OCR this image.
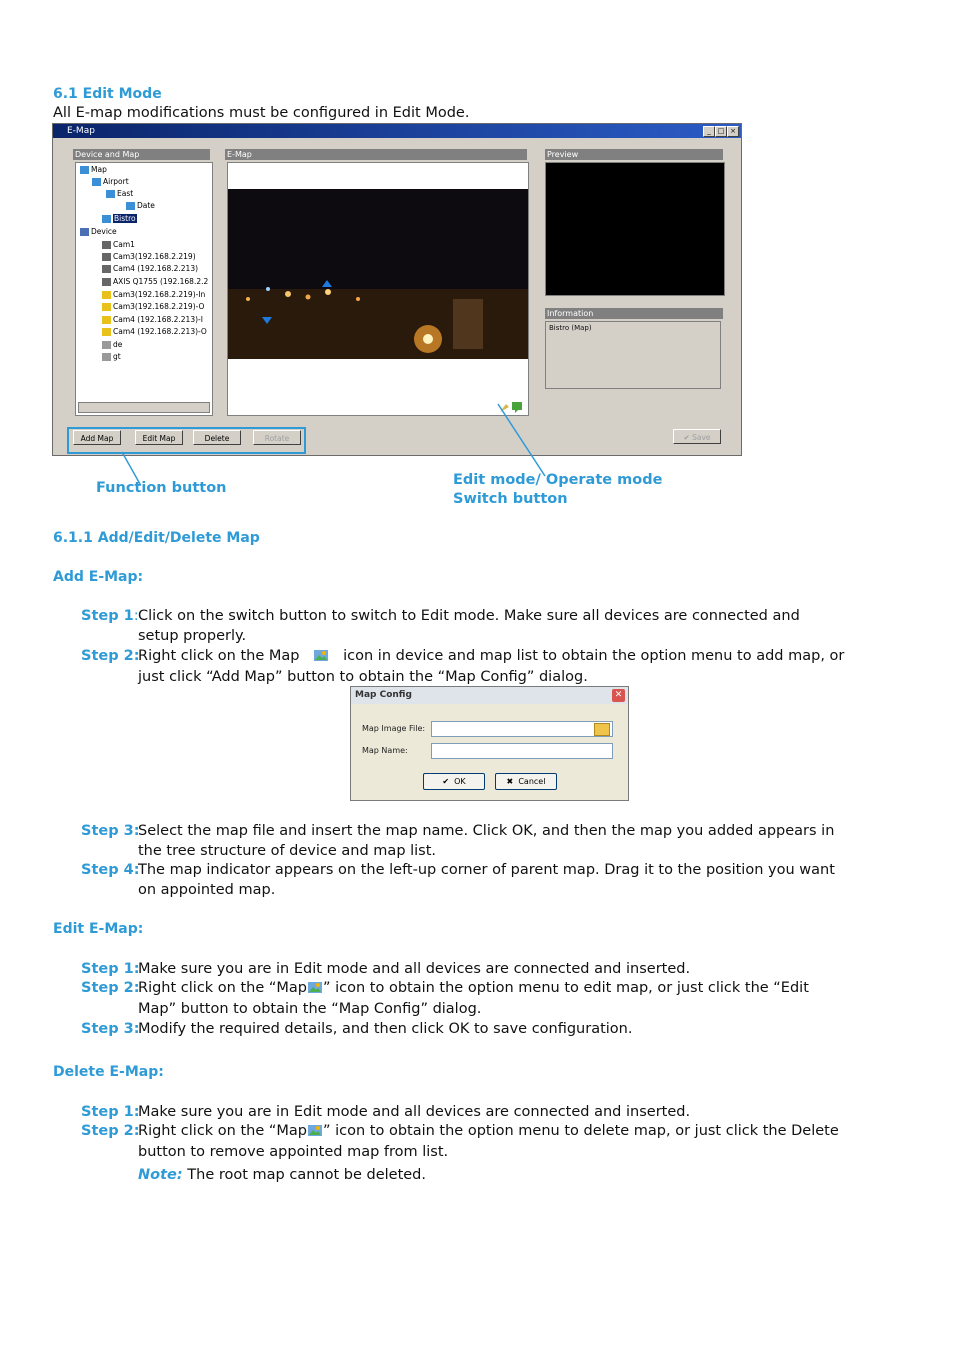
6.1 Edit Mode
All E-map modifications must be configured in Edit Mode.
E-Map	_ □ ×
Device and Map	E-Map	Preview
Map
Airport
East
Date
Bistro
Device
Cam1
Cam3(192.168.2.219)
Cam4 (192.168.2.213)
AXIS Q1755 (192.168.2.2
Cam3(192.168.2.219)-In
Cam3(192.168.2.219)-O
Cam4 (192.168.2.213)-I
Cam4 (192.168.2.213)-O
de
gt
Information
Bistro (Map)
Add Map	Edit Map	Delete	Rotate	✔ Save
Function button	Edit mode/ Operate mode
Switch button
6.1.1 Add/Edit/Delete Map
Add E-Map:
Step 1: Click on the switch button to switch to Edit mode. Make sure all devices are connected and
setup properly.
Step 2:
Right click on the Map	icon in device and map list to obtain the option menu to add map, or
just click “Add Map” button to obtain the “Map Config” dialog.
Map Config	✕
Map Image File:
Map Name:
✔ OK	✖ Cancel
Step 3:
Select the map file and insert the map name. Click OK, and then the map you added appears in
the tree structure of device and map list.
Step 4:
The map indicator appears on the left-up corner of parent map. Drag it to the position you want
on appointed map.
Edit E-Map:
Step 1:
Make sure you are in Edit mode and all devices are connected and inserted.
Step 2:
Right click on the “Map ” icon to obtain the option menu to edit map, or just click the “Edit
Map” button to obtain the “Map Config” dialog.
Step 3:
Modify the required details, and then click OK to save configuration.
Delete E-Map:
Step 1:
Make sure you are in Edit mode and all devices are connected and inserted.
Step 2:
Right click on the “Map ” icon to obtain the option menu to delete map, or just click the Delete
button to remove appointed map from list.
Note: The root map cannot be deleted.
